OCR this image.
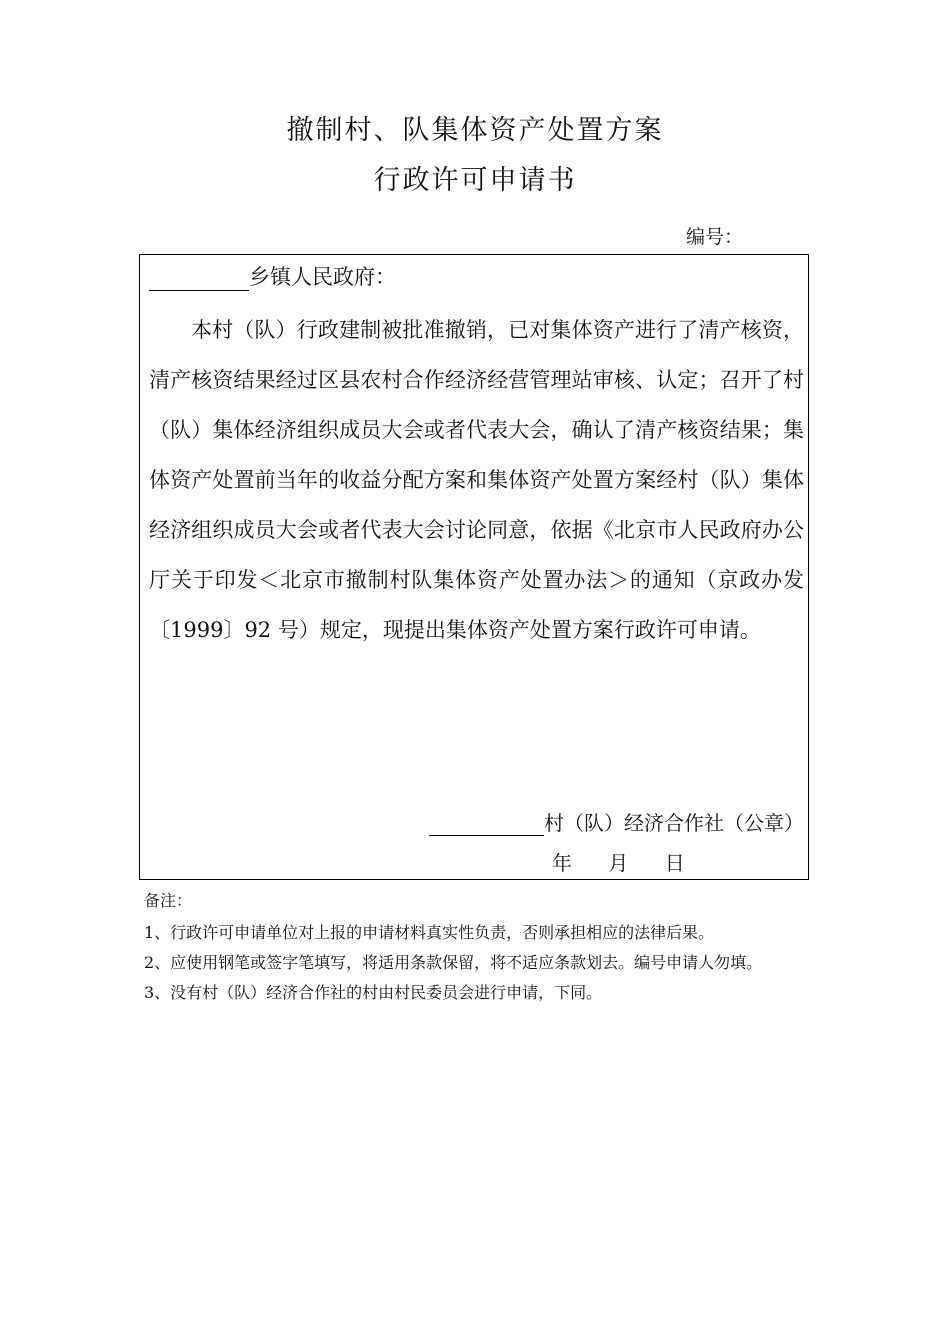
撤制村、队集体资产处置方案
行政许可申请书
编号：
乡镇人民政府：
本村（队）行政建制被批准撤销，已对集体资产进行了清产核资，清产核资结果经过区县农村合作经济经营管理站审核、认定；召开了村（队）集体经济组织成员大会或者代表大会，确认了清产核资结果；集体资产处置前当年的收益分配方案和集体资产处置方案经村（队）集体经济组织成员大会或者代表大会讨论同意，依据《北京市人民政府办公厅关于印发＜北京市撤制村队集体资产处置办法＞的通知（京政办发〔1999〕92 号）规定，现提出集体资产处置方案行政许可申请。
村（队）经济合作社（公章）
年 月 日
备注：
1、行政许可申请单位对上报的申请材料真实性负责，否则承担相应的法律后果。
2、应使用钢笔或签字笔填写，将适用条款保留，将不适应条款划去。编号申请人勿填。
3、没有村（队）经济合作社的村由村民委员会进行申请，下同。
